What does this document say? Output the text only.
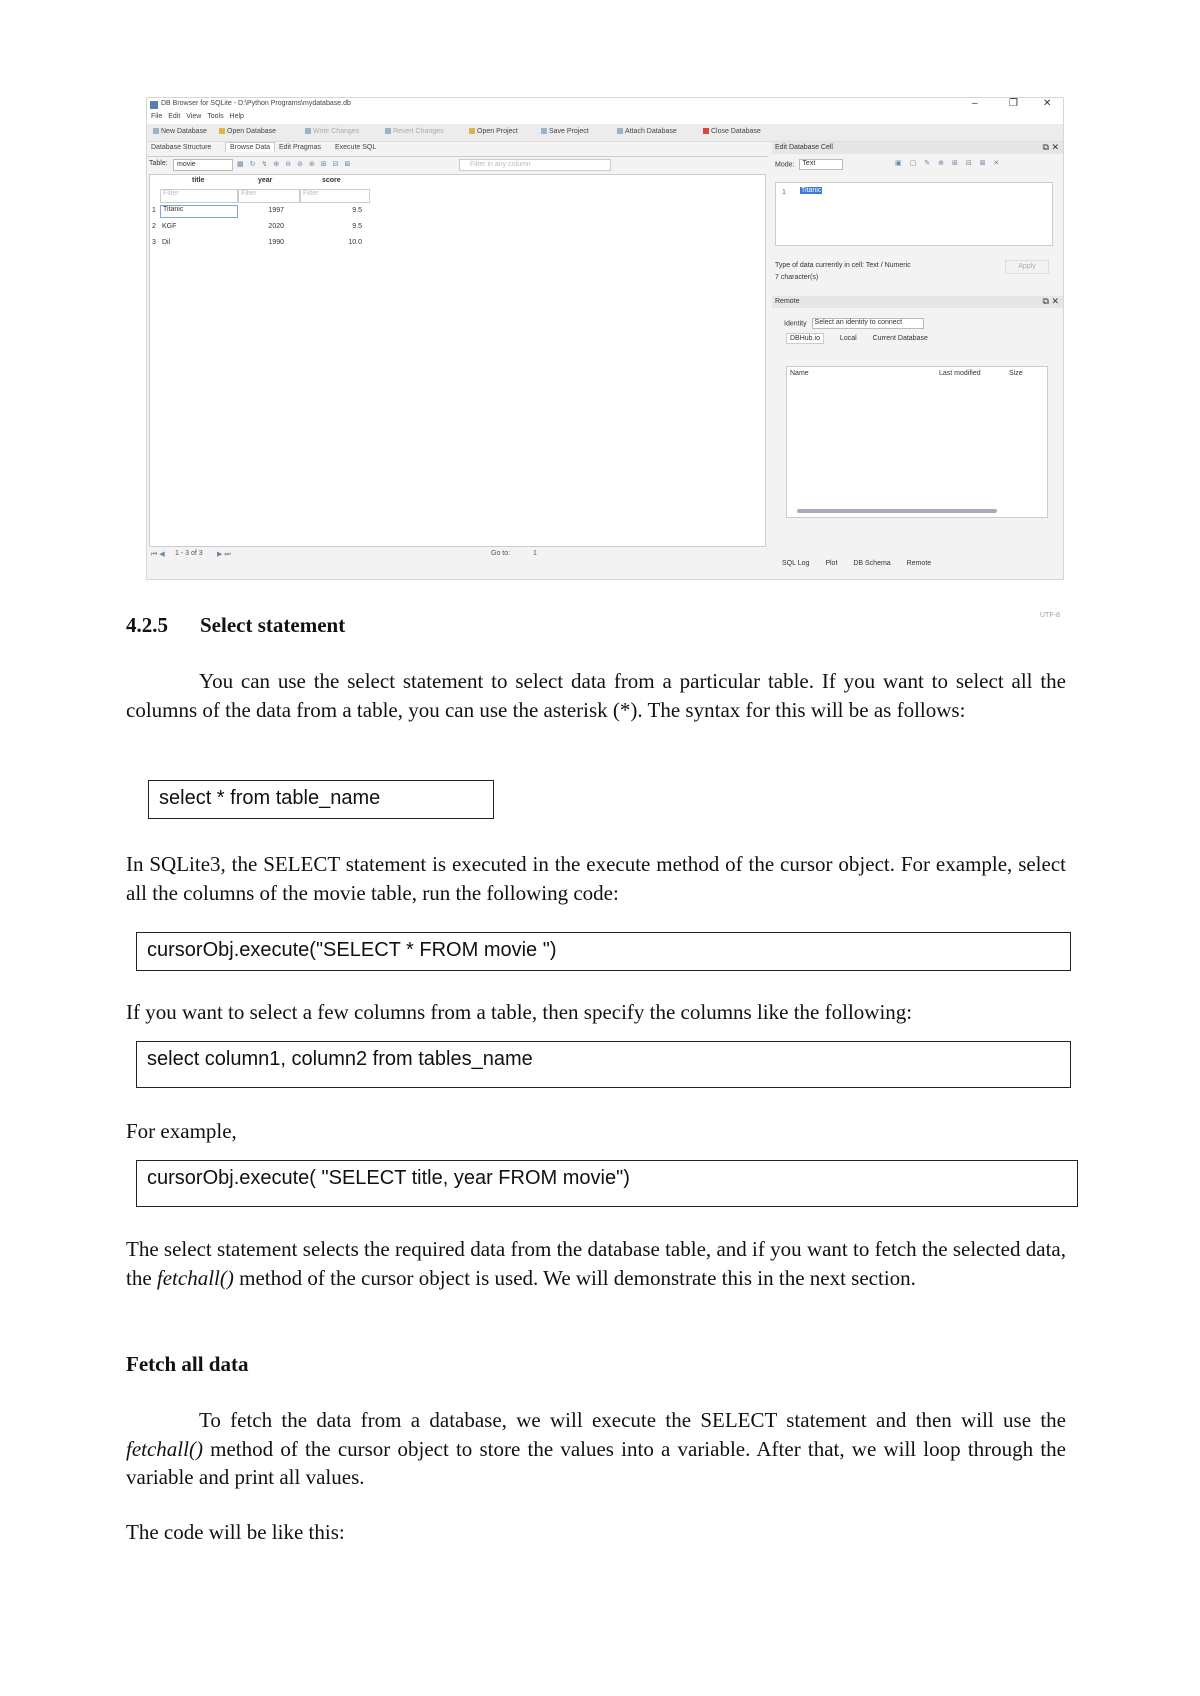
DB Browser for SQLite - D:\Python Programs\mydatabase.db	–	❐	✕
File Edit View Tools Help
New Database	Open Database	Write Changes	Revert Changes	Open Project	Save Project	Attach Database	Close Database
Database Structure	Browse Data	Edit Pragmas Execute SQL
Table: movie	▦↻↯⊕⊖⊘⊛⊞⊟⊠	Filter in any column
title	year	score
Filter	Filter	Filter
1	Titanic	1997	9.5
2 KGF	2020	9.5
3 Dil	1990	10.0
⏮ ◀ 1 - 3 of 3 ▶ ⏭	Go to:	1
Edit Database Cell	⧉ ✕
Mode: Text	▣▢✎⊕⊞⊟⊠✕
1 Titanic
Type of data currently in cell: Text / Numeric
7 character(s)
Apply
Remote	⧉ ✕
Identity Select an identity to connect
DBHub.io	Local Current Database
Name	Last modified	Size
SQL Log Plot DB Schema Remote
UTF-8
4.2.5 Select statement
You can use the select statement to select data from a particular table. If you want to select all the columns of the data from a table, you can use the asterisk (*). The syntax for this will be as follows:
select * from table_name
In SQLite3, the SELECT statement is executed in the execute method of the cursor object. For example, select all the columns of the movie table, run the following code:
cursorObj.execute("SELECT * FROM movie ")
If you want to select a few columns from a table, then specify the columns like the following:
select column1, column2 from tables_name
For example,
cursorObj.execute( "SELECT title, year FROM movie")
The select statement selects the required data from the database table, and if you want to fetch the selected data, the fetchall() method of the cursor object is used. We will demonstrate this in the next section.
Fetch all data
To fetch the data from a database, we will execute the SELECT statement and then will use the fetchall() method of the cursor object to store the values into a variable. After that, we will loop through the variable and print all values.
The code will be like this:
